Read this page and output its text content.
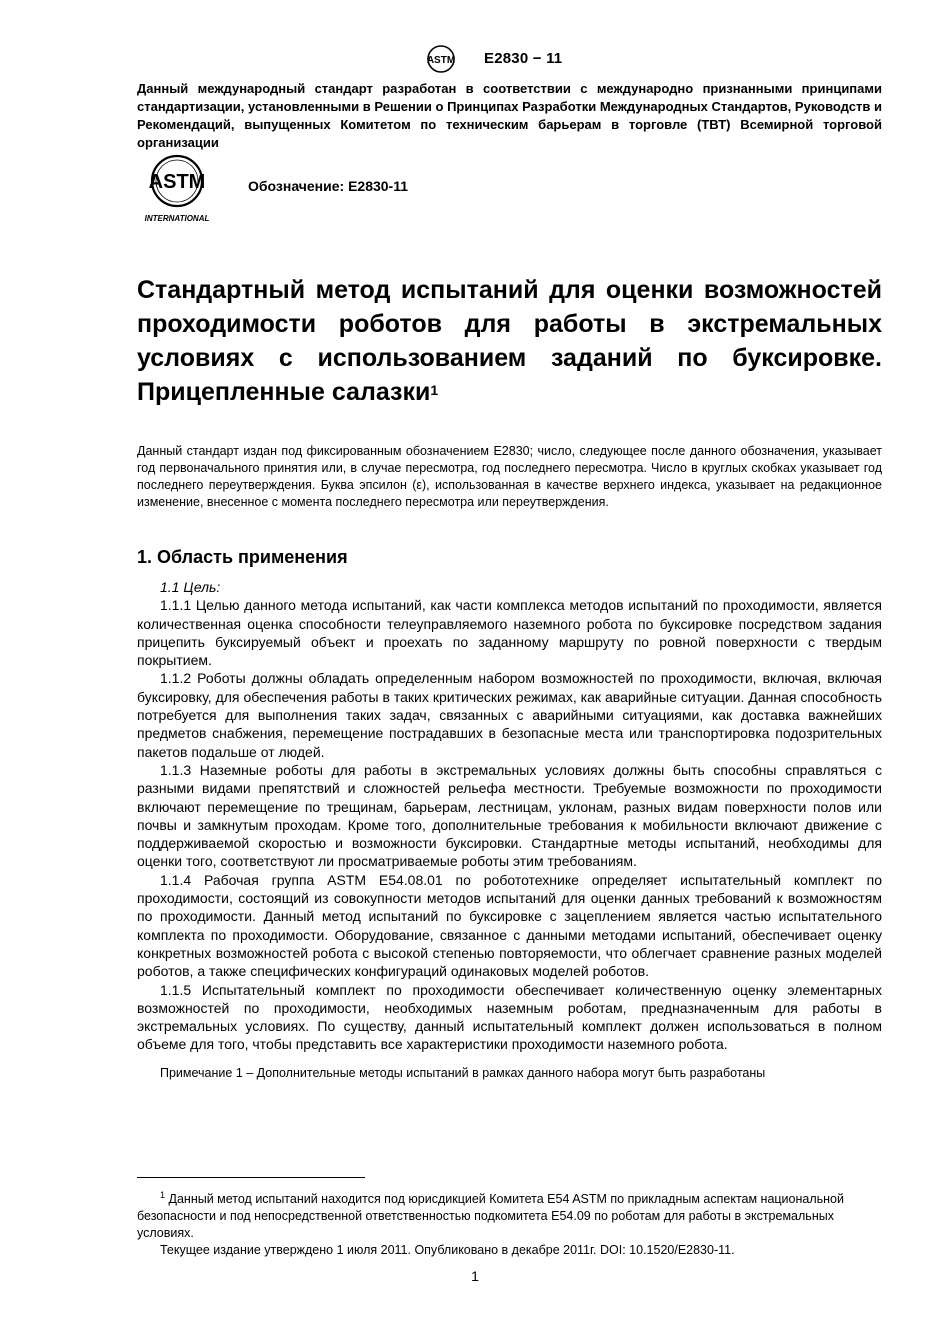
ASTM E2830 − 11
Данный международный стандарт разработан в соответствии с международно признанными принципами стандартизации, установленными в Решении о Принципах Разработки Международных Стандартов, Руководств и Рекомендаций, выпущенных Комитетом по техническим барьерам в торговле (ТВТ) Всемирной торговой организации
ASTM
INTERNATIONAL
Обозначение: E2830-11
Стандартный метод испытаний для оценки возможностей проходимости роботов для работы в экстремальных условиях с использованием заданий по буксировке. Прицепленные салазки$^1$
Данный стандарт издан под фиксированным обозначением E2830; число, следующее после данного обозначения, указывает год первоначального принятия или, в случае пересмотра, год последнего пересмотра. Число в круглых скобках указывает год последнего переутверждения. Буква эпсилон (ε), использованная в качестве верхнего индекса, указывает на редакционное изменение, внесенное с момента последнего пересмотра или переутверждения.
1. Область применения

1.1 Цель:

1.1.1 Целью данного метода испытаний, как части комплекса методов испытаний по проходимости, является количественная оценка способности телеуправляемого наземного робота по буксировке посредством задания прицепить буксируемый объект и проехать по заданному маршруту по ровной поверхности с твердым покрытием.

1.1.2 Роботы должны обладать определенным набором возможностей по проходимости, включая, включая буксировку, для обеспечения работы в таких критических режимах, как аварийные ситуации. Данная способность потребуется для выполнения таких задач, связанных с аварийными ситуациями, как доставка важнейших предметов снабжения, перемещение пострадавших в безопасные места или транспортировка подозрительных пакетов подальше от людей.

1.1.3 Наземные роботы для работы в экстремальных условиях должны быть способны справляться с разными видами препятствий и сложностей рельефа местности. Требуемые возможности по проходимости включают перемещение по трещинам, барьерам, лестницам, уклонам, разных видам поверхности полов или почвы и замкнутым проходам. Кроме того, дополнительные требования к мобильности включают движение с поддерживаемой скоростью и возможности буксировки. Стандартные методы испытаний, необходимы для оценки того, соответствуют ли просматриваемые роботы этим требованиям.

1.1.4 Рабочая группа ASTM E54.08.01 по робототехнике определяет испытательный комплект по проходимости, состоящий из совокупности методов испытаний для оценки данных требований к возможностям по проходимости. Данный метод испытаний по буксировке с зацеплением является частью испытательного комплекта по проходимости. Оборудование, связанное с данными методами испытаний, обеспечивает оценку конкретных возможностей робота с высокой степенью повторяемости, что облегчает сравнение разных моделей роботов, а также специфических конфигураций одинаковых моделей роботов.

1.1.5 Испытательный комплект по проходимости обеспечивает количественную оценку элементарных возможностей по проходимости, необходимых наземным роботам, предназначенным для работы в экстремальных условиях. По существу, данный испытательный комплект должен использоваться в полном объеме для того, чтобы представить все характеристики проходимости наземного робота.

Примечание 1 – Дополнительные методы испытаний в рамках данного набора могут быть разработаны

$^1$ Данный метод испытаний находится под юрисдикцией Комитета E54 ASTM по прикладным аспектам национальной безопасности и под непосредственной ответственностью подкомитета E54.09 по роботам для работы в экстремальных условиях.

Текущее издание утверждено 1 июля 2011. Опубликовано в декабре 2011г. DOI: 10.1520/E2830-11.

1
